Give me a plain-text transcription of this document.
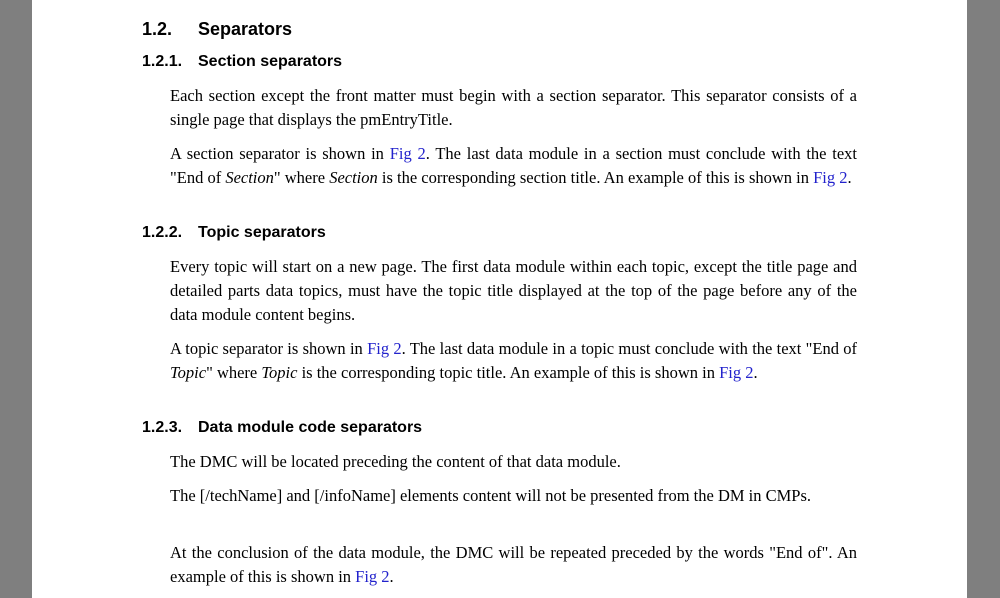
1.2. Separators
1.2.1. Section separators

Each section except the front matter must begin with a section separator. This separator consists of a single page that displays the pmEntryTitle.

A section separator is shown in Fig 2. The last data module in a section must conclude with the text "End of Section" where Section is the corresponding section title. An example of this is shown in Fig 2.

1.2.2. Topic separators

Every topic will start on a new page. The first data module within each topic, except the title page and detailed parts data topics, must have the topic title displayed at the top of the page before any of the data module content begins.

A topic separator is shown in Fig 2. The last data module in a topic must conclude with the text "End of Topic" where Topic is the corresponding topic title. An example of this is shown in Fig 2.

1.2.3. Data module code separators

The DMC will be located preceding the content of that data module.

The [/techName] and [/infoName] elements content will not be presented from the DM in CMPs.

At the conclusion of the data module, the DMC will be repeated preceded by the words "End of". An example of this is shown in Fig 2.
